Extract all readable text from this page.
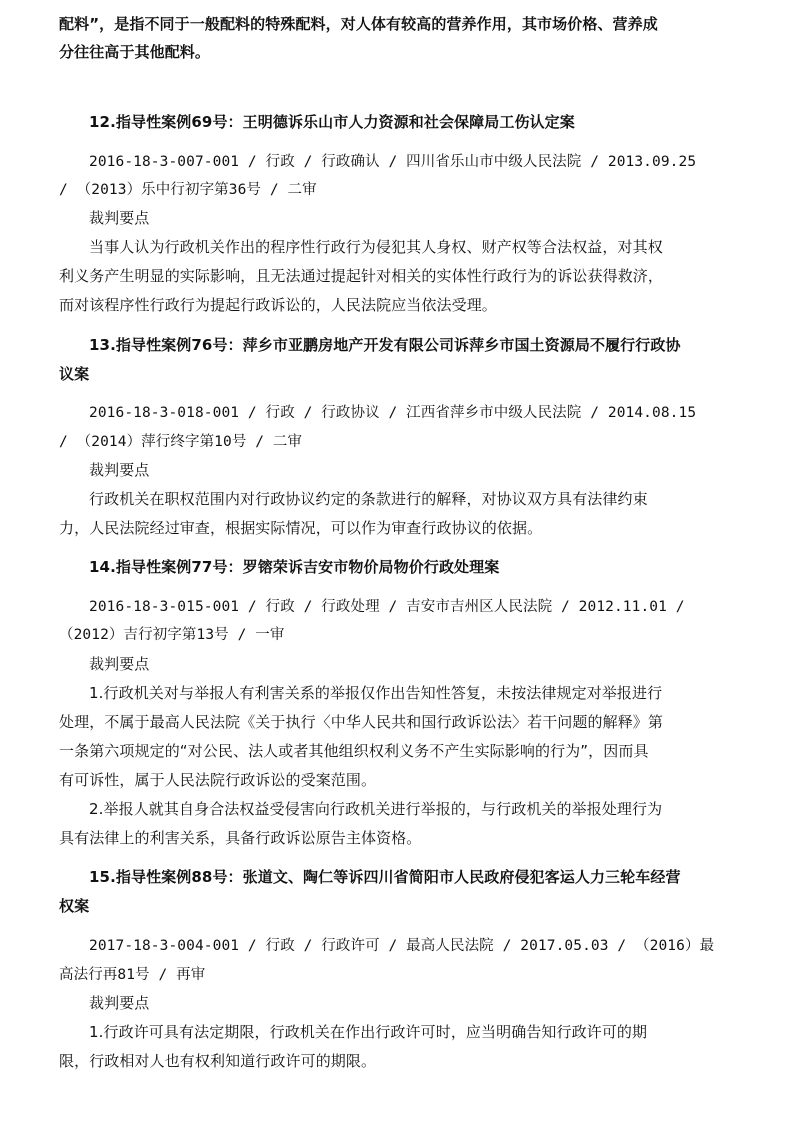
配料”，是指不同于一般配料的特殊配料，对人体有较高的营养作用，其市场价格、营养成
分往往高于其他配料。
12.指导性案例69号：王明德诉乐山市人力资源和社会保障局工伤认定案
2016-18-3-007-001 / 行政 / 行政确认 / 四川省乐山市中级人民法院 / 2013.09.25
/ （2013）乐中行初字第36号 / 二审
裁判要点
当事人认为行政机关作出的程序性行政行为侵犯其人身权、财产权等合法权益，对其权
利义务产生明显的实际影响，且无法通过提起针对相关的实体性行政行为的诉讼获得救济，
而对该程序性行政行为提起行政诉讼的，人民法院应当依法受理。
13.指导性案例76号：萍乡市亚鹏房地产开发有限公司诉萍乡市国土资源局不履行行政协
议案
2016-18-3-018-001 / 行政 / 行政协议 / 江西省萍乡市中级人民法院 / 2014.08.15
/ （2014）萍行终字第10号 / 二审
裁判要点
行政机关在职权范围内对行政协议约定的条款进行的解释，对协议双方具有法律约束
力，人民法院经过审查，根据实际情况，可以作为审查行政协议的依据。
14.指导性案例77号：罗镕荣诉吉安市物价局物价行政处理案
2016-18-3-015-001 / 行政 / 行政处理 / 吉安市吉州区人民法院 / 2012.11.01 /
（2012）吉行初字第13号 / 一审
裁判要点
1.行政机关对与举报人有利害关系的举报仅作出告知性答复，未按法律规定对举报进行
处理，不属于最高人民法院《关于执行〈中华人民共和国行政诉讼法〉若干问题的解释》第
一条第六项规定的“对公民、法人或者其他组织权利义务不产生实际影响的行为”，因而具
有可诉性，属于人民法院行政诉讼的受案范围。
2.举报人就其自身合法权益受侵害向行政机关进行举报的，与行政机关的举报处理行为
具有法律上的利害关系，具备行政诉讼原告主体资格。
15.指导性案例88号：张道文、陶仁等诉四川省简阳市人民政府侵犯客运人力三轮车经营
权案
2017-18-3-004-001 / 行政 / 行政许可 / 最高人民法院 / 2017.05.03 / （2016）最
高法行再81号 / 再审
裁判要点
1.行政许可具有法定期限，行政机关在作出行政许可时，应当明确告知行政许可的期
限，行政相对人也有权利知道行政许可的期限。
